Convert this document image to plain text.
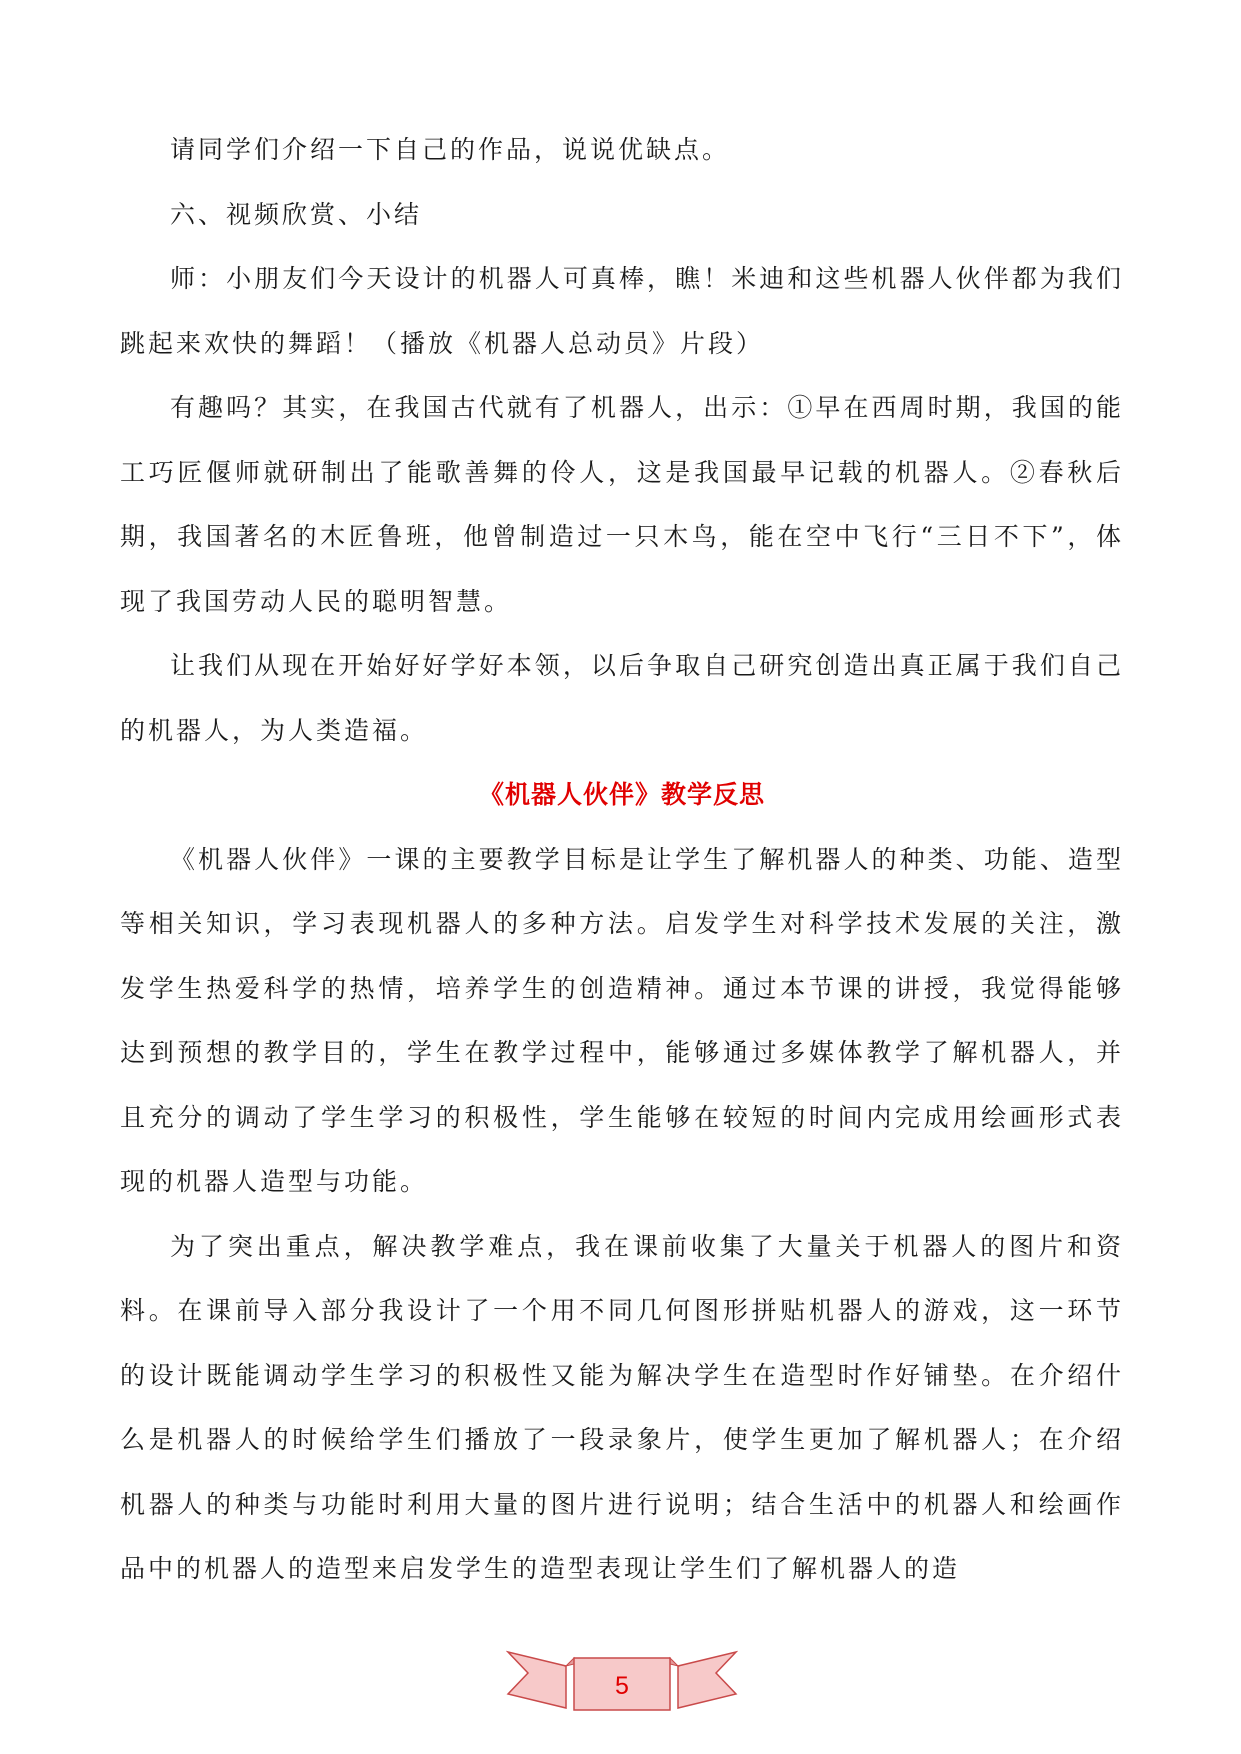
请同学们介绍一下自己的作品，说说优缺点。

六、视频欣赏、小结

师：小朋友们今天设计的机器人可真棒，瞧！米迪和这些机器人伙伴都为我们跳起来欢快的舞蹈！（播放《机器人总动员》片段）

有趣吗？其实，在我国古代就有了机器人，出示：①早在西周时期，我国的能工巧匠偃师就研制出了能歌善舞的伶人，这是我国最早记载的机器人。②春秋后期，我国著名的木匠鲁班，他曾制造过一只木鸟，能在空中飞行“三日不下”，体现了我国劳动人民的聪明智慧。

让我们从现在开始好好学好本领，以后争取自己研究创造出真正属于我们自己的机器人，为人类造福。

《机器人伙伴》教学反思

《机器人伙伴》一课的主要教学目标是让学生了解机器人的种类、功能、造型等相关知识，学习表现机器人的多种方法。启发学生对科学技术发展的关注，激发学生热爱科学的热情，培养学生的创造精神。通过本节课的讲授，我觉得能够达到预想的教学目的，学生在教学过程中，能够通过多媒体教学了解机器人，并且充分的调动了学生学习的积极性，学生能够在较短的时间内完成用绘画形式表现的机器人造型与功能。

为了突出重点，解决教学难点，我在课前收集了大量关于机器人的图片和资料。在课前导入部分我设计了一个用不同几何图形拼贴机器人的游戏，这一环节的设计既能调动学生学习的积极性又能为解决学生在造型时作好铺垫。在介绍什么是机器人的时候给学生们播放了一段录象片，使学生更加了解机器人；在介绍机器人的种类与功能时利用大量的图片进行说明；结合生活中的机器人和绘画作品中的机器人的造型来启发学生的造型表现让学生们了解机器人的造

5
